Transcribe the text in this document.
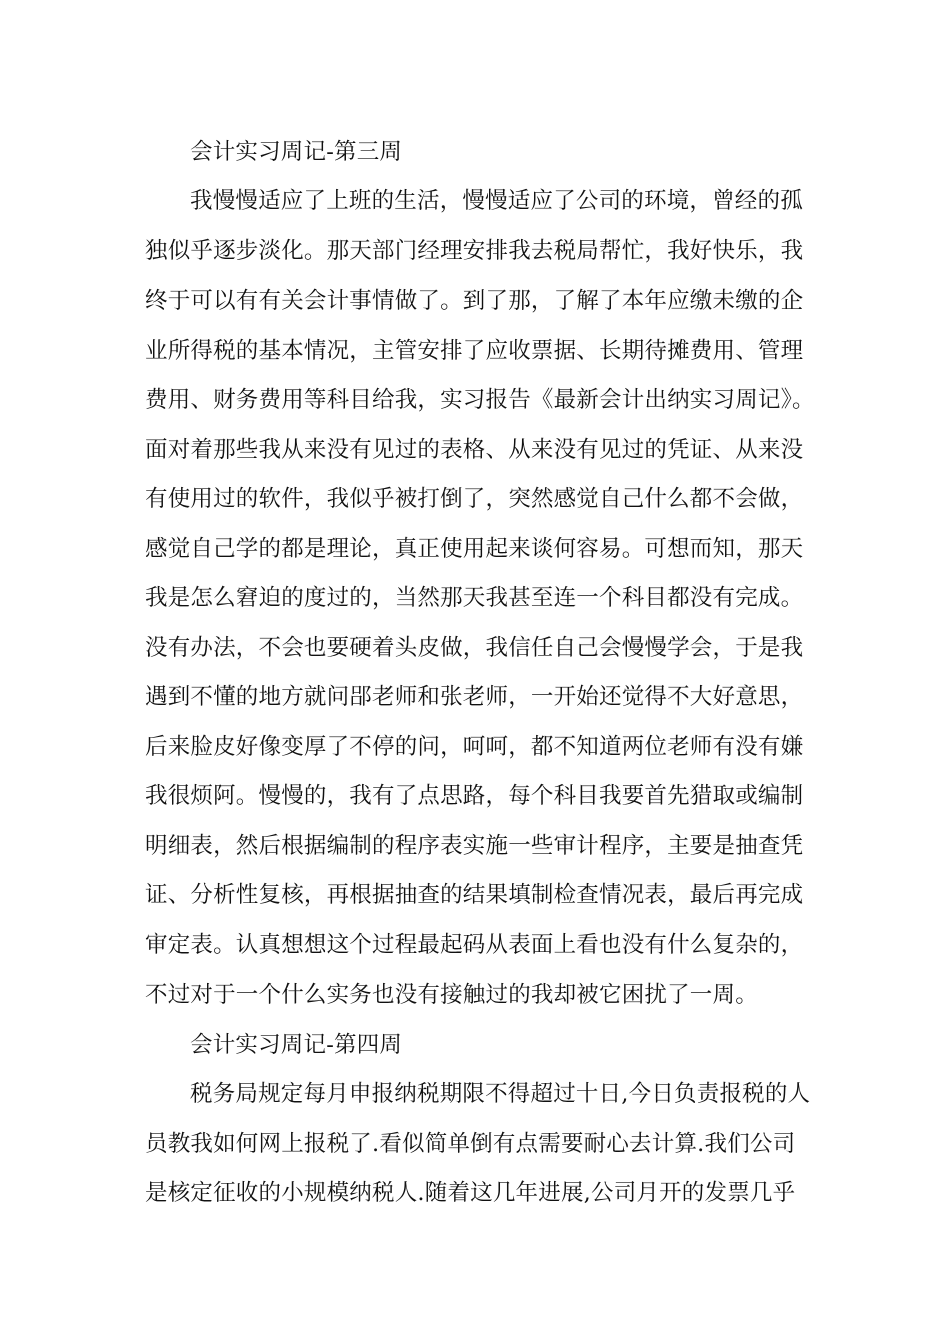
会计实习周记-第三周
我慢慢适应了上班的生活，慢慢适应了公司的环境，曾经的孤
独似乎逐步淡化。那天部门经理安排我去税局帮忙，我好快乐，我
终于可以有有关会计事情做了。到了那，了解了本年应缴未缴的企
业所得税的基本情况，主管安排了应收票据、长期待摊费用、管理
费用、财务费用等科目给我，实习报告《最新会计出纳实习周记》。
面对着那些我从来没有见过的表格、从来没有见过的凭证、从来没
有使用过的软件，我似乎被打倒了，突然感觉自己什么都不会做，
感觉自己学的都是理论，真正使用起来谈何容易。可想而知，那天
我是怎么窘迫的度过的，当然那天我甚至连一个科目都没有完成。
没有办法，不会也要硬着头皮做，我信任自己会慢慢学会，于是我
遇到不懂的地方就问郘老师和张老师，一开始还觉得不大好意思，
后来脸皮好像变厚了不停的问，呵呵，都不知道两位老师有没有嫌
我很烦阿。慢慢的，我有了点思路，每个科目我要首先猎取或编制
明细表，然后根据编制的程序表实施一些审计程序，主要是抽查凭
证、分析性复核，再根据抽查的结果填制检查情况表，最后再完成
审定表。认真想想这个过程最起码从表面上看也没有什么复杂的，
不过对于一个什么实务也没有接触过的我却被它困扰了一周。
会计实习周记-第四周
税务局规定每月申报纳税期限不得超过十日,今日负责报税的人
员教我如何网上报税了.看似简单倒有点需要耐心去计算.我们公司
是核定征收的小规模纳税人.随着这几年进展,公司月开的发票几乎
